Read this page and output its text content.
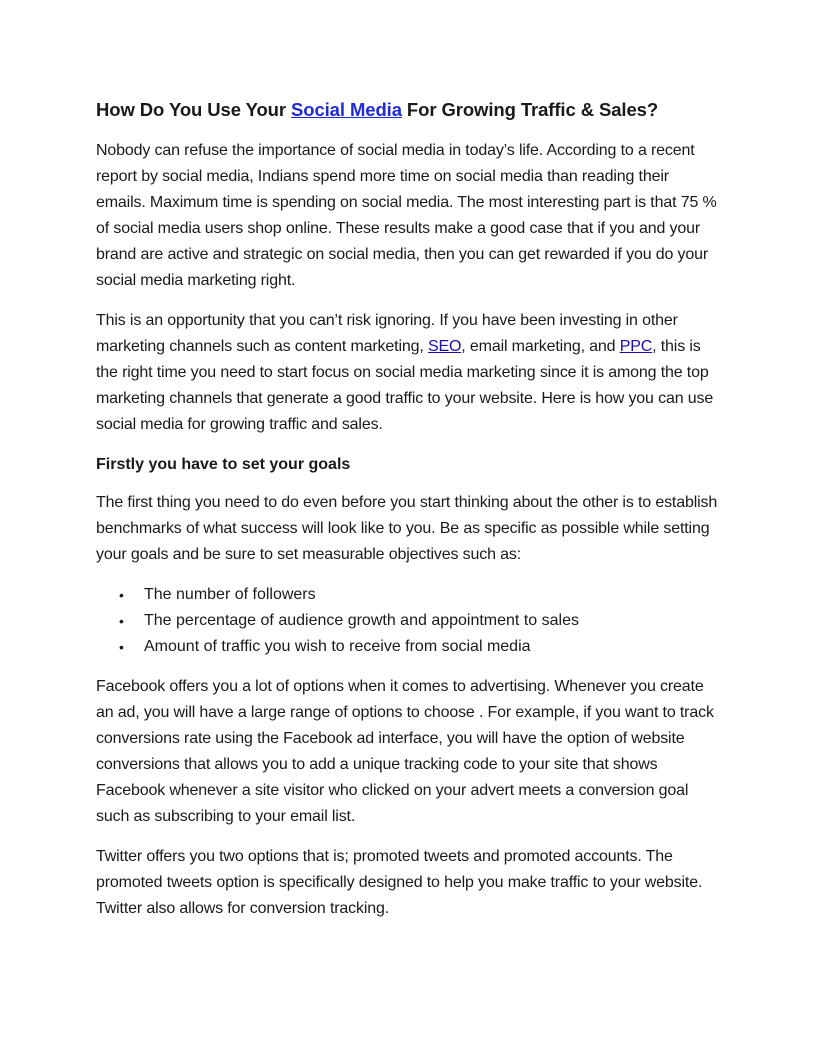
How Do You Use Your Social Media For Growing Traffic & Sales?

Nobody can refuse the importance of social media in today’s life. According to a recent report by social media, Indians spend more time on social media than reading their emails. Maximum time is spending on social media. The most interesting part is that 75 % of social media users shop online. These results make a good case that if you and your brand are active and strategic on social media, then you can get rewarded if you do your social media marketing right.

This is an opportunity that you can’t risk ignoring. If you have been investing in other marketing channels such as content marketing, SEO, email marketing, and PPC, this is the right time you need to start focus on social media marketing since it is among the top marketing channels that generate a good traffic to your website. Here is how you can use social media for growing traffic and sales.

Firstly you have to set your goals

The first thing you need to do even before you start thinking about the other is to establish benchmarks of what success will look like to you. Be as specific as possible while setting your goals and be sure to set measurable objectives such as:

• The number of followers
• The percentage of audience growth and appointment to sales
• Amount of traffic you wish to receive from social media

Facebook offers you a lot of options when it comes to advertising. Whenever you create an ad, you will have a large range of options to choose . For example, if you want to track conversions rate using the Facebook ad interface, you will have the option of website conversions that allows you to add a unique tracking code to your site that shows Facebook whenever a site visitor who clicked on your advert meets a conversion goal such as subscribing to your email list.

Twitter offers you two options that is; promoted tweets and promoted accounts. The promoted tweets option is specifically designed to help you make traffic to your website. Twitter also allows for conversion tracking.
